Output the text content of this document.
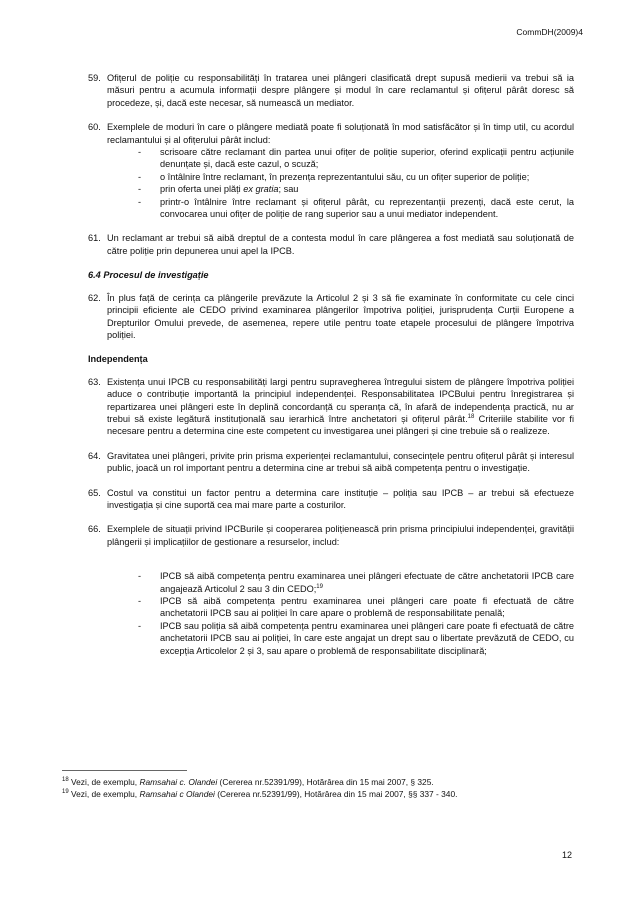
CommDH(2009)4
59. Ofițerul de poliție cu responsabilități în tratarea unei plângeri clasificată drept supusă medierii va trebui să ia măsuri pentru a acumula informații despre plângere și modul în care reclamantul și ofițerul pârât doresc să procedeze, și, dacă este necesar, să numească un mediator.
60. Exemplele de moduri în care o plângere mediată poate fi soluționată în mod satisfăcător și în timp util, cu acordul reclamantului și al ofițerului pârât includ:
- scrisoare către reclamant din partea unui ofițer de poliție superior, oferind explicații pentru acțiunile denunțate și, dacă este cazul, o scuză;
- o întâlnire între reclamant, în prezența reprezentantului său, cu un ofițer superior de poliție;
- prin oferta unei plăți ex gratia; sau
- printr-o întâlnire între reclamant și ofițerul pârât, cu reprezentanții prezenți, dacă este cerut, la convocarea unui ofițer de poliție de rang superior sau a unui mediator independent.
61. Un reclamant ar trebui să aibă dreptul de a contesta modul în care plângerea a fost mediată sau soluționată de către poliție prin depunerea unui apel la IPCB.
6.4 Procesul de investigație
62. În plus față de cerința ca plângerile prevăzute la Articolul 2 și 3 să fie examinate în conformitate cu cele cinci principii eficiente ale CEDO privind examinarea plângerilor împotriva poliției, jurisprudența Curții Europene a Drepturilor Omului prevede, de asemenea, repere utile pentru toate etapele procesului de plângere împotriva poliției.
Independența
63. Existența unui IPCB cu responsabilități largi pentru supravegherea întregului sistem de plângere împotriva poliției aduce o contribuție importantă la principiul independenței. Responsabilitatea IPCBului pentru înregistrarea și repartizarea unei plângeri este în deplină concordanță cu speranța că, în afară de independența practică, nu ar trebui să existe legătură instituțională sau ierarhică între anchetatori și ofițerul pârât.$^{18}$ Criteriile stabilite vor fi necesare pentru a determina cine este competent cu investigarea unei plângeri și cine trebuie să o realizeze.
64. Gravitatea unei plângeri, privite prin prisma experienței reclamantului, consecințele pentru ofițerul pârât și interesul public, joacă un rol important pentru a determina cine ar trebui să aibă competența pentru o investigație.
65. Costul va constitui un factor pentru a determina care instituție – poliția sau IPCB – ar trebui să efectueze investigația și cine suportă cea mai mare parte a costurilor.
66. Exemplele de situații privind IPCBurile și cooperarea polițienească prin prisma principiului independenței, gravității plângerii și implicațiilor de gestionare a resurselor, includ:
- IPCB să aibă competența pentru examinarea unei plângeri efectuate de către anchetatorii IPCB care angajează Articolul 2 sau 3 din CEDO;$^{19}$
- IPCB să aibă competența pentru examinarea unei plângeri care poate fi efectuată de către anchetatorii IPCB sau ai poliției în care apare o problemă de responsabilitate penală;
- IPCB sau poliția să aibă competența pentru examinarea unei plângeri care poate fi efectuată de către anchetatorii IPCB sau ai poliției, în care este angajat un drept sau o libertate prevăzută de CEDO, cu excepția Articolelor 2 și 3, sau apare o problemă de responsabilitate disciplinară;

$^{18}$ Vezi, de exemplu, Ramsahai c. Olandei (Cererea nr.52391/99), Hotărârea din 15 mai 2007, § 325.

$^{19}$ Vezi, de exemplu, Ramsahai c Olandei (Cererea nr.52391/99), Hotărârea din 15 mai 2007, §§ 337 - 340.

12
